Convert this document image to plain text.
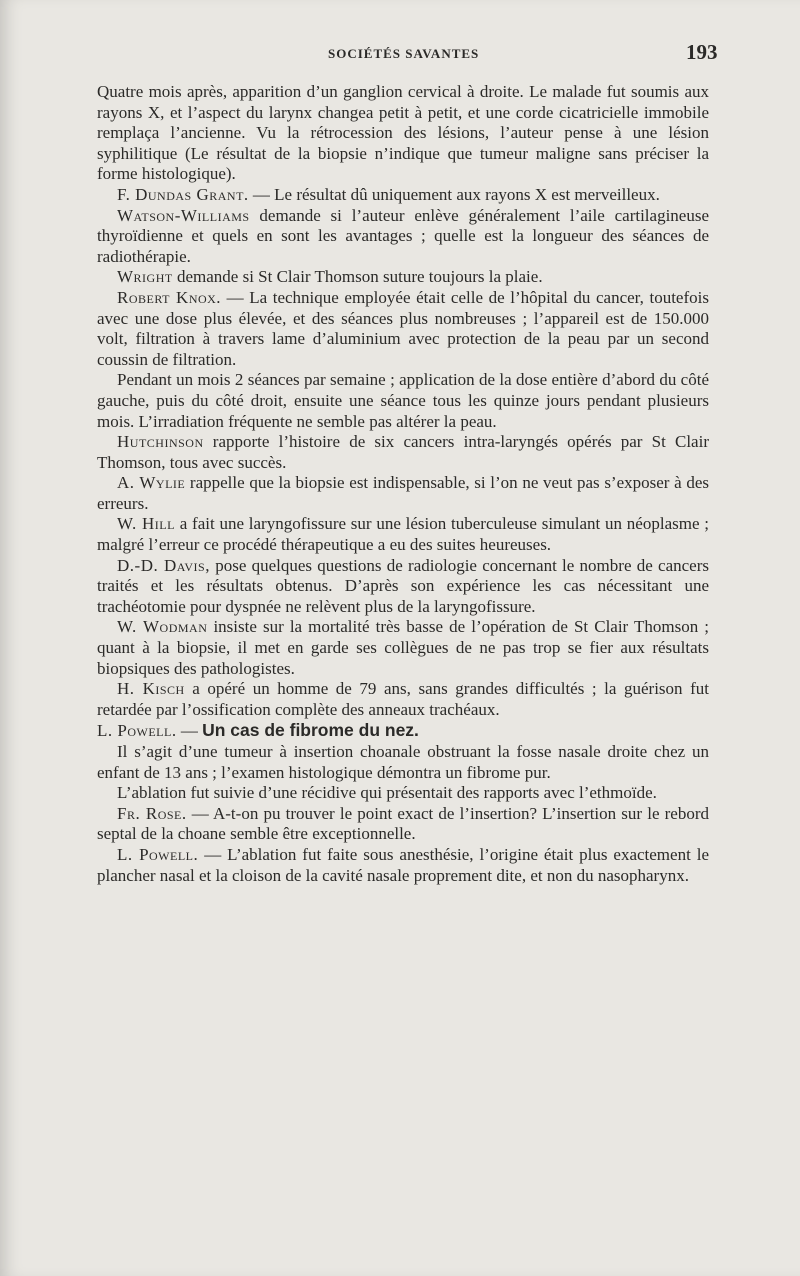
SOCIÉTÉS SAVANTES	193

Quatre mois après, apparition d’un ganglion cervical à droite. Le malade fut soumis aux rayons X, et l’aspect du larynx changea petit à petit, et une corde cicatricielle immobile remplaça l’ancienne. Vu la rétrocession des lésions, l’auteur pense à une lésion syphilitique (Le résultat de la biopsie n’indique que tumeur maligne sans préciser la forme histologique).

F. Dundas Grant. — Le résultat dû uniquement aux rayons X est merveilleux.

Watson-Williams demande si l’auteur enlève généralement l’aile cartilagineuse thyroïdienne et quels en sont les avantages ; quelle est la longueur des séances de radiothérapie.

Wright demande si St Clair Thomson suture toujours la plaie.

Robert Knox. — La technique employée était celle de l’hôpital du cancer, toutefois avec une dose plus élevée, et des séances plus nombreuses ; l’appareil est de 150.000 volt, filtration à travers lame d’aluminium avec protection de la peau par un second coussin de filtration.

Pendant un mois 2 séances par semaine ; application de la dose entière d’abord du côté gauche, puis du côté droit, ensuite une séance tous les quinze jours pendant plusieurs mois. L’irradiation fréquente ne semble pas altérer la peau.

Hutchinson rapporte l’histoire de six cancers intra-laryngés opérés par St Clair Thomson, tous avec succès.

A. Wylie rappelle que la biopsie est indispensable, si l’on ne veut pas s’exposer à des erreurs.

W. Hill a fait une laryngofissure sur une lésion tuberculeuse simulant un néoplasme ; malgré l’erreur ce procédé thérapeutique a eu des suites heureuses.

D.-D. Davis, pose quelques questions de radiologie concernant le nombre de cancers traités et les résultats obtenus. D’après son expérience les cas nécessitant une trachéotomie pour dyspnée ne relèvent plus de la laryngofissure.

W. Wodman insiste sur la mortalité très basse de l’opération de St Clair Thomson ; quant à la biopsie, il met en garde ses collègues de ne pas trop se fier aux résultats biopsiques des pathologistes.

H. Kisch a opéré un homme de 79 ans, sans grandes difficultés ; la guérison fut retardée par l’ossification complète des anneaux trachéaux.

L. Powell. — Un cas de fibrome du nez.

Il s’agit d’une tumeur à insertion choanale obstruant la fosse nasale droite chez un enfant de 13 ans ; l’examen histologique démontra un fibrome pur.

L’ablation fut suivie d’une récidive qui présentait des rapports avec l’ethmoïde.

Fr. Rose. — A-t-on pu trouver le point exact de l’insertion? L’insertion sur le rebord septal de la choane semble être exceptionnelle.

L. Powell. — L’ablation fut faite sous anesthésie, l’origine était plus exactement le plancher nasal et la cloison de la cavité nasale proprement dite, et non du nasopharynx.
